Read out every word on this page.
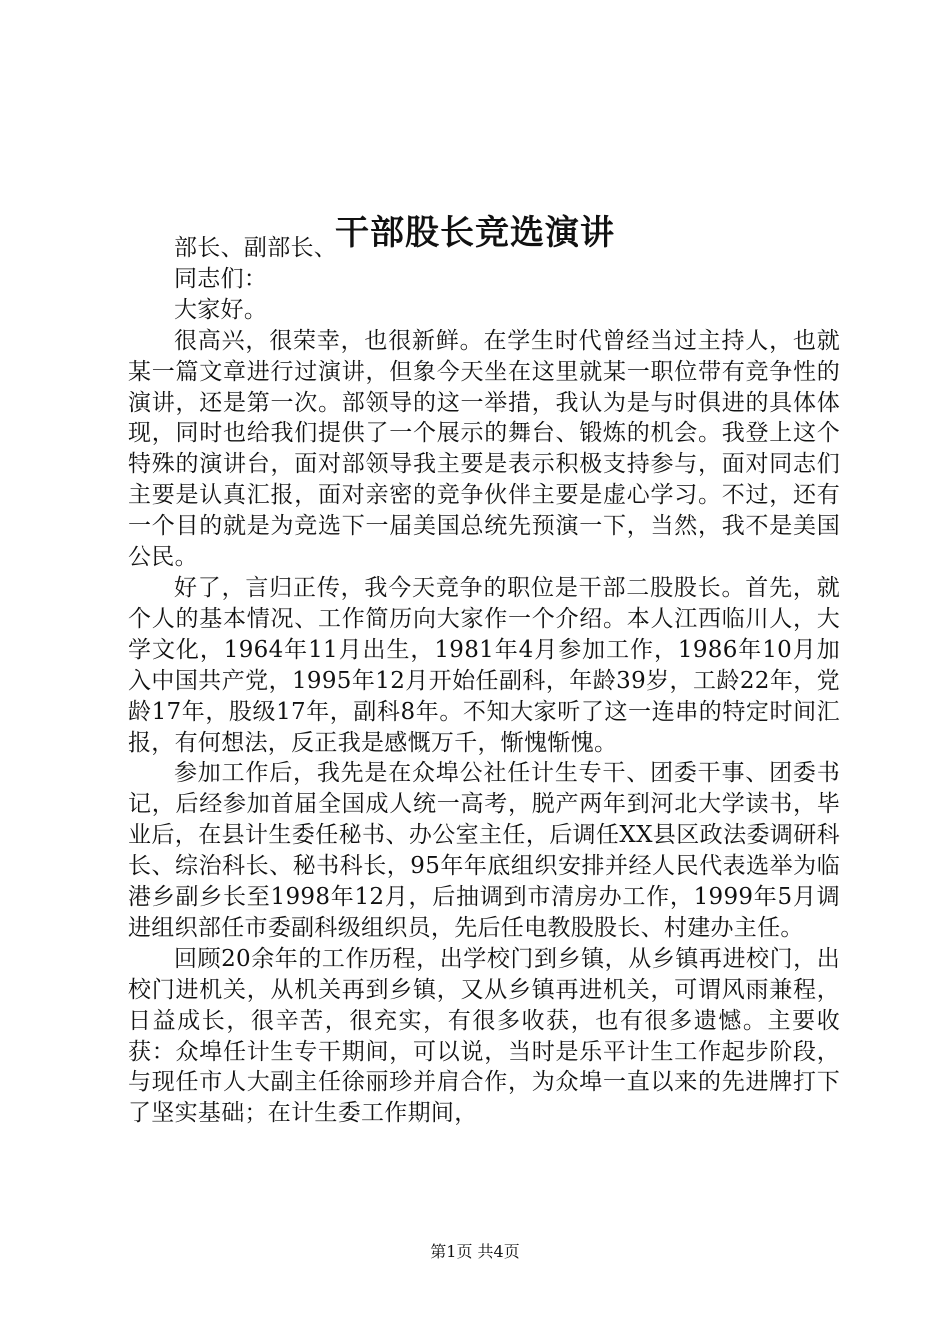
干部股长竞选演讲

部长、副部长、

同志们：

大家好。

很高兴，很荣幸，也很新鲜。在学生时代曾经当过主持人，也就某一篇文章进行过演讲，但象今天坐在这里就某一职位带有竞争性的演讲，还是第一次。部领导的这一举措，我认为是与时俱进的具体体现，同时也给我们提供了一个展示的舞台、锻炼的机会。我登上这个特殊的演讲台，面对部领导我主要是表示积极支持参与，面对同志们主要是认真汇报，面对亲密的竞争伙伴主要是虚心学习。不过，还有一个目的就是为竞选下一届美国总统先预演一下，当然，我不是美国公民。

好了，言归正传，我今天竞争的职位是干部二股股长。首先，就个人的基本情况、工作简历向大家作一个介绍。本人江西临川人，大学文化，1964年11月出生，1981年4月参加工作，1986年10月加入中国共产党，1995年12月开始任副科，年龄39岁，工龄22年，党龄17年，股级17年，副科8年。不知大家听了这一连串的特定时间汇报，有何想法，反正我是感慨万千，惭愧惭愧。

参加工作后，我先是在众埠公社任计生专干、团委干事、团委书记，后经参加首届全国成人统一高考，脱产两年到河北大学读书，毕业后，在县计生委任秘书、办公室主任，后调任XX县区政法委调研科长、综治科长、秘书科长，95年年底组织安排并经人民代表选举为临港乡副乡长至1998年12月，后抽调到市清房办工作，1999年5月调进组织部任市委副科级组织员，先后任电教股股长、村建办主任。

回顾20余年的工作历程，出学校门到乡镇，从乡镇再进校门，出校门进机关，从机关再到乡镇，又从乡镇再进机关，可谓风雨兼程，日益成长，很辛苦，很充实，有很多收获，也有很多遗憾。主要收获：众埠任计生专干期间，可以说，当时是乐平计生工作起步阶段，与现任市人大副主任徐丽珍并肩合作，为众埠一直以来的先进牌打下了坚实基础；在计生委工作期间，

第1页 共4页
